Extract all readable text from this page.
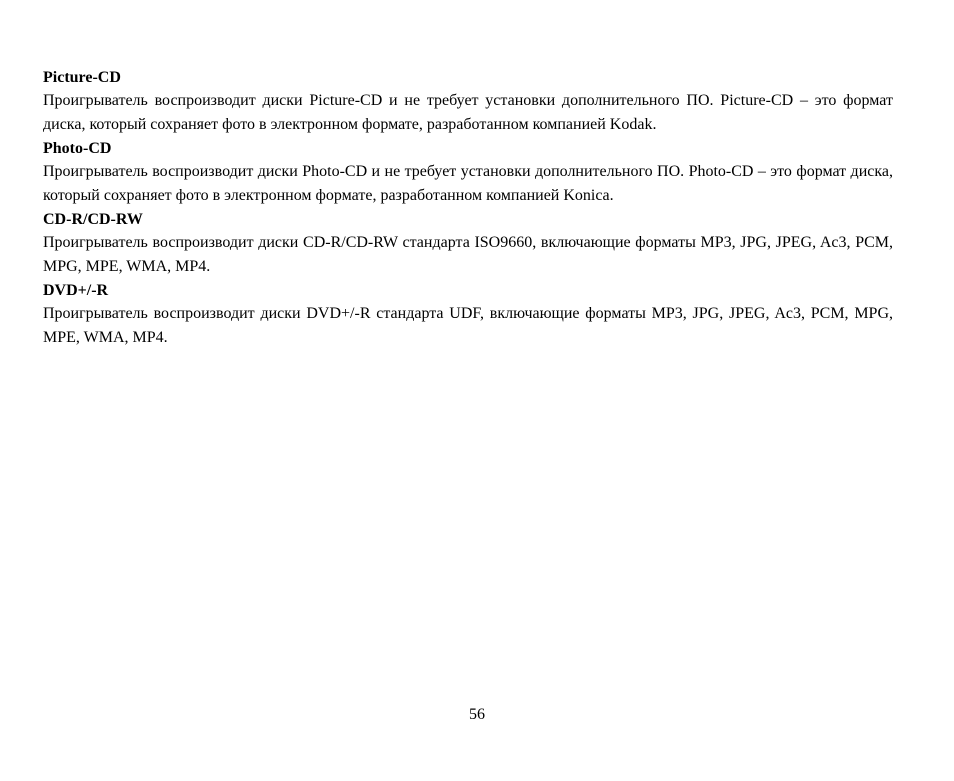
Picture-CD

Проигрыватель воспроизводит диски Picture-CD и не требует установки дополнительного ПО. Picture-CD – это формат диска, который сохраняет фото в электронном формате, разработанном компанией Kodak.

Photo-CD

Проигрыватель воспроизводит диски Photo-CD и не требует установки дополнительного ПО. Photo-CD – это формат диска, который сохраняет фото в электронном формате, разработанном компанией Konica.

CD-R/CD-RW

Проигрыватель воспроизводит диски CD-R/CD-RW стандарта ISO9660, включающие форматы MP3, JPG, JPEG, Ac3, PCM, MPG, MPE, WMA, MP4.

DVD+/-R

Проигрыватель воспроизводит диски DVD+/-R стандарта UDF, включающие форматы MP3, JPG, JPEG, Ac3, PCM, MPG, MPE, WMA, MP4.

56
